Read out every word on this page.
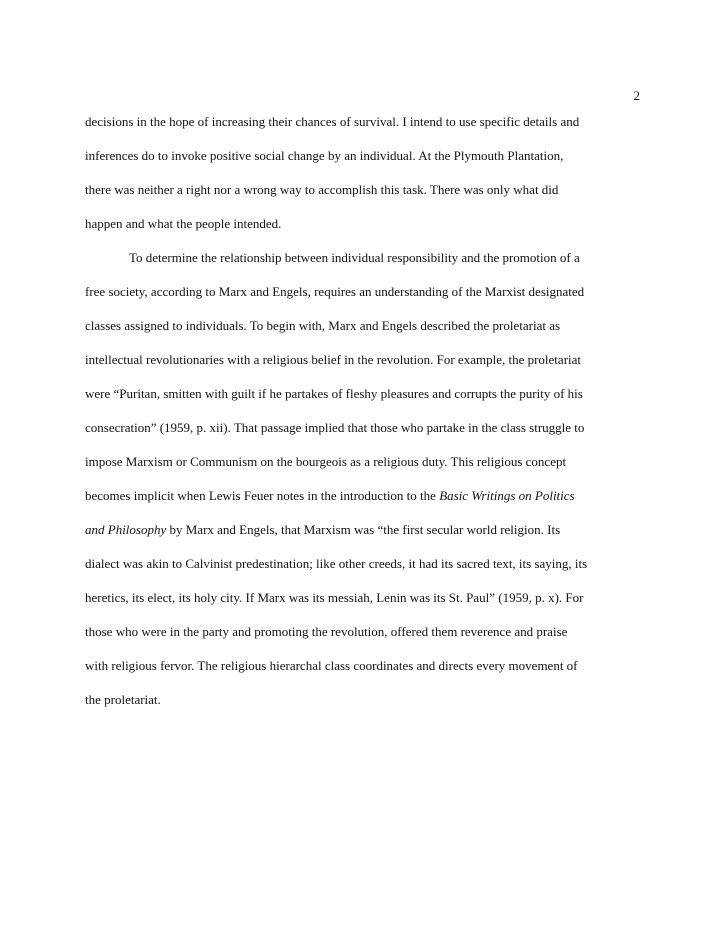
2
decisions in the hope of increasing their chances of survival. I intend to use specific details and
inferences do to invoke positive social change by an individual. At the Plymouth Plantation,
there was neither a right nor a wrong way to accomplish this task. There was only what did
happen and what the people intended.
To determine the relationship between individual responsibility and the promotion of a
free society, according to Marx and Engels, requires an understanding of the Marxist designated
classes assigned to individuals. To begin with, Marx and Engels described the proletariat as
intellectual revolutionaries with a religious belief in the revolution. For example, the proletariat
were “Puritan, smitten with guilt if he partakes of fleshy pleasures and corrupts the purity of his
consecration” (1959, p. xii). That passage implied that those who partake in the class struggle to
impose Marxism or Communism on the bourgeois as a religious duty. This religious concept
becomes implicit when Lewis Feuer notes in the introduction to the Basic Writings on Politics
and Philosophy by Marx and Engels, that Marxism was “the first secular world religion. Its
dialect was akin to Calvinist predestination; like other creeds, it had its sacred text, its saying, its
heretics, its elect, its holy city. If Marx was its messiah, Lenin was its St. Paul” (1959, p. x). For
those who were in the party and promoting the revolution, offered them reverence and praise
with religious fervor. The religious hierarchal class coordinates and directs every movement of
the proletariat.
